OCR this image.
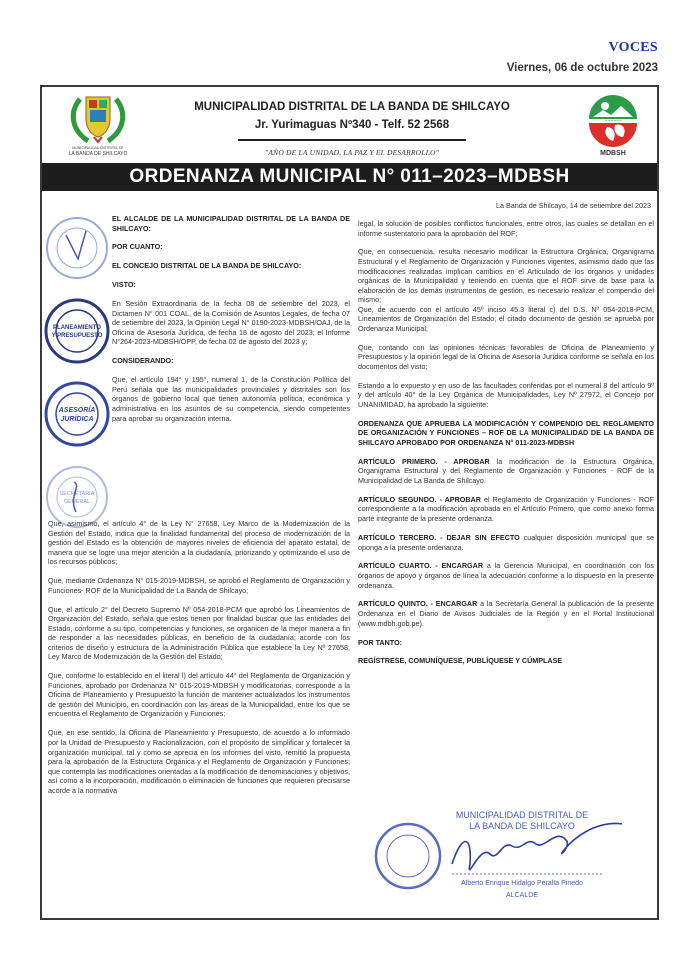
VOCES
Viernes, 06 de octubre 2023
MUNICIPALIDAD DISTRITAL DE
LA BANDA DE SHILCAYO
MUNICIPALIDAD DISTRITAL DE LA BANDA DE SHILCAYO
Jr. Yurimaguas Nº340 - Telf. 52 2568
"AÑO DE LA UNIDAD, LA PAZ Y EL DESARROLLO"
~~~~~~
MDBSH
ORDENANZA MUNICIPAL N° 011–2023–MDBSH
La Banda de Shilcayo, 14 de setiembre del 2023

PLANEAMIENTO
Y PRESUPUESTO

ASESORÍA
JURÍDICA

SECRETARÍA
GENERAL

EL ALCALDE DE LA MUNICIPALIDAD DISTRITAL DE LA BANDA DE SHILCAYO:

POR CUANTO:

EL CONCEJO DISTRITAL DE LA BANDA DE SHILCAYO:

VISTO:

En Sesión Extraordinaria de la fecha 08 de setiembre del 2023, el Dictamen N° 001 COAL, de la Comisión de Asuntos Legales, de fecha 07 de setiembre del 2023, la Opinión Legal N° 0190-2023-MDBSH/OAJ, de la Oficina de Asesoría Jurídica, de fecha 18 de agosto del 2023; el Informe N°264-2023-MDBSH/OPP, de fecha 02 de agosto del 2023 y;

CONSIDERANDO:

Que, el artículo 194° y 195°, numeral 1, de la Constitución Política del Perú señala que las municipalidades provinciales y distritales son los órganos de gobierno local que tienen autonomía política, económica y administrativa en los asuntos de su competencia, siendo competentes para aprobar su organización interna.

Que, asimismo, el artículo 4° de la Ley N° 27658, Ley Marco de la Modernización de la Gestión del Estado, indica que la finalidad fundamental del proceso de modernización de la gestión del Estado es la obtención de mayores niveles de eficiencia del aparato estatal, de manera que se logre una mejor atención a la ciudadanía, priorizando y optimizando el uso de los recursos públicos;

Que, mediante Ordenanza N° 015-2019-MDBSH, se aprobó el Reglamento de Organización y Funciones- ROF de la Municipalidad de La Banda de Shilcayo;

Que, el artículo 2° del Decreto Supremo Nº 054-2018-PCM que aprobó los Lineamientos de Organización del Estado, señala que estos tienen por finalidad buscar que las entidades del Estado, conforme a su tipo, competencias y funciones, se organicen de la mejor manera a fin de responder a las necesidades públicas, en beneficio de la ciudadanía; acorde con los criterios de diseño y estructura de la Administración Pública que establece la Ley Nº 27658, Ley Marco de Modernización de la Gestión del Estado;

Que, conforme lo establecido en el literal l) del artículo 44° del Reglamento de Organización y Funciones, aprobado por Ordenanza N° 015-2019-MDBSH y modificatorias, corresponde a la Oficina de Planeamiento y Presupuesto la función de mantener actualizados los instrumentos de gestión del Municipio, en coordinación con las áreas de la Municipalidad, entre los que se encuentra el Reglamento de Organización y Funciones;

Que, en ese sentido, la Oficina de Planeamiento y Presupuesto, de acuerdo a lo informado por la Unidad de Presupuesto y Racionalización, con el propósito de simplificar y fortalecer la organización municipal, tal y como se aprecia en los informes del visto, remitió la propuesta para la aprobación de la Estructura Orgánica y el Reglamento de Organización y Funciones; que contempla las modificaciones orientadas a la modificación de denominaciones y objetivos, así como a la incorporación, modificación o eliminación de funciones que requieren precisarse acorde a la normativa

legal, la solución de posibles conflictos funcionales, entre otros, las cuales se detallan en el informe sustentatorio para la aprobación del ROF;

Que, en consecuencia, resulta necesario modificar la Estructura Orgánica, Organigrama Estructural y el Reglamento de Organización y Funciones vigentes, asimismo dado que las modificaciones realizadas implican cambios en el Articulado de los órganos y unidades orgánicas de la Municipalidad y teniendo en cuenta que el ROF sirve de base para la elaboración de los demás instrumentos de gestión, es necesario realizar el compendio del mismo;

Que, de acuerdo con el artículo 45º inciso 45.3 literal c) del D.S. Nº 054-2018-PCM, Lineamientos de Organización del Estado; el citado documento de gestión se aprueba por Ordenanza Municipal;

Que, contando con las opiniones técnicas favorables de Oficina de Planeamiento y Presupuestos y la opinión legal de la Oficina de Asesoría Jurídica conforme se señala en los documentos del visto;

Estando a lo expuesto y en uso de las facultades conferidas por el numeral 8 del artículo 9º y del artículo 40° de la Ley Orgánica de Municipalidades, Ley Nº 27972, el Concejo por UNANIMIDAD, ha aprobado la siguiente:

ORDENANZA QUE APRUEBA LA MODIFICACIÓN Y COMPENDIO DEL REGLAMENTO DE ORGANIZACIÓN Y FUNCIONES – ROF DE LA MUNICIPALIDAD DE LA BANDA DE SHILCAYO APROBADO POR ORDENANZA N° 011-2023-MDBSH

ARTÍCULO PRIMERO. - APROBAR la modificación de la Estructura Orgánica, Organigrama Estructural y del Reglamento de Organización y Funciones - ROF de la Municipalidad de La Banda de Shilcayo.

ARTÍCULO SEGUNDO. - APROBAR el Reglamento de Organización y Funciones - ROF correspondiente a la modificación aprobada en el Artículo Primero, que como anexo forma parte integrante de la presente ordenanza.

ARTÍCULO TERCERO. - DEJAR SIN EFECTO cualquier disposición municipal que se oponga a la presente ordenanza.

ARTÍCULO CUARTO. - ENCARGAR a la Gerencia Municipal, en coordinación con los órganos de apoyo y órganos de línea la adecuación conforme a lo dispuesto en la presente ordenanza.

ARTÍCULO QUINTO. - ENCARGAR a la Secretaría General la publicación de la presente Ordenanza en el Diario de Avisos Judiciales de la Región y en el Portal Institucional (www.mdbh.gob.pe).

POR TANTO:

REGÍSTRESE, COMUNÍQUESE, PUBLÍQUESE Y CÚMPLASE

MUNICIPALIDAD DISTRITAL DE
LA BANDA DE SHILCAYO
Alberto Enrique Hidalgo Peralta Pinedo
ALCALDE
